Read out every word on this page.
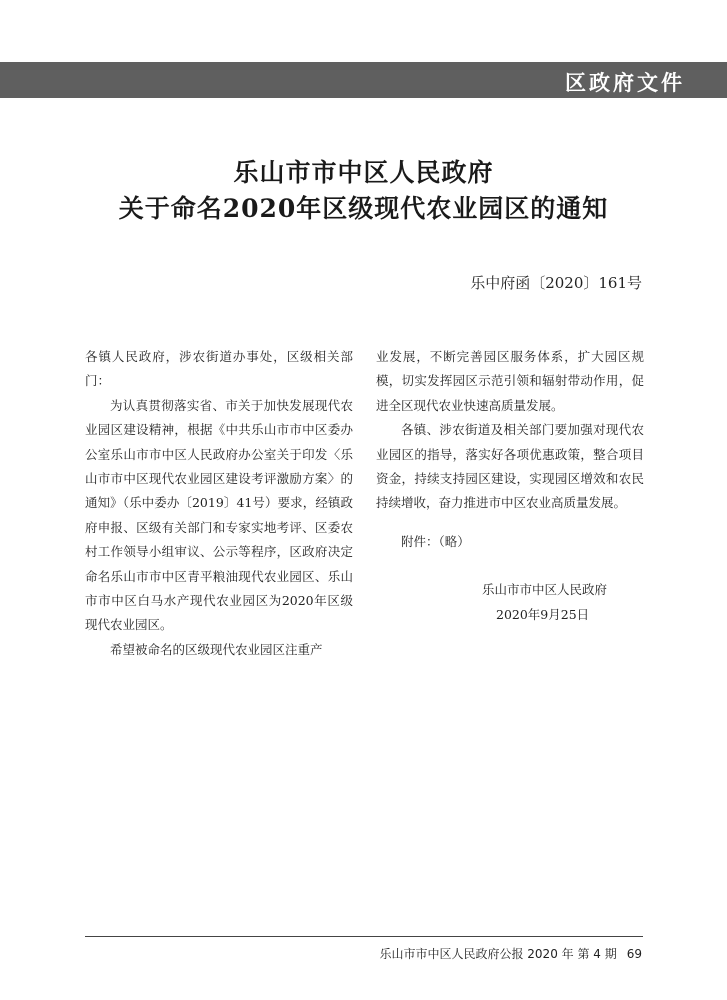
区政府文件
乐山市市中区人民政府
关于命名2020年区级现代农业园区的通知
乐中府函〔2020〕161号

各镇人民政府，涉农街道办事处，区级相关部门：

为认真贯彻落实省、市关于加快发展现代农业园区建设精神，根据《中共乐山市市中区委办公室乐山市市中区人民政府办公室关于印发〈乐山市市中区现代农业园区建设考评激励方案〉的通知》（乐中委办〔2019〕41号）要求，经镇政府申报、区级有关部门和专家实地考评、区委农村工作领导小组审议、公示等程序，区政府决定命名乐山市市中区青平粮油现代农业园区、乐山市市中区白马水产现代农业园区为2020年区级现代农业园区。

希望被命名的区级现代农业园区注重产

业发展，不断完善园区服务体系，扩大园区规模，切实发挥园区示范引领和辐射带动作用，促进全区现代农业快速高质量发展。

各镇、涉农街道及相关部门要加强对现代农业园区的指导，落实好各项优惠政策，整合项目资金，持续支持园区建设，实现园区增效和农民持续增收，奋力推进市中区农业高质量发展。

附件：（略）

乐山市市中区人民政府

2020年9月25日

乐山市市中区人民政府公报 2020 年 第 4 期 69
